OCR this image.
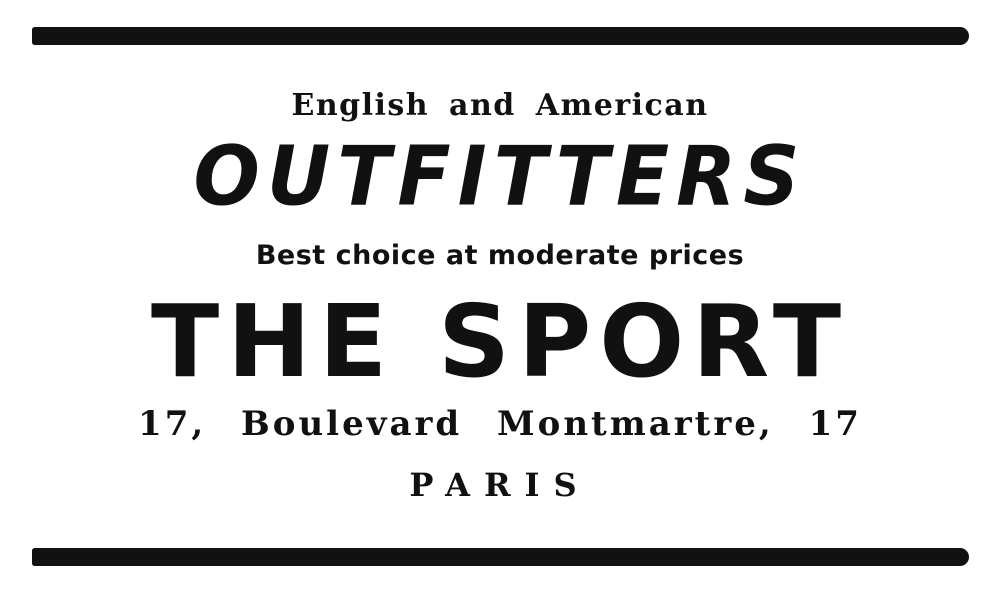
English and American

OUTFITTERS

Best choice at moderate prices

THE SPORT

17, Boulevard Montmartre, 17

PARIS
